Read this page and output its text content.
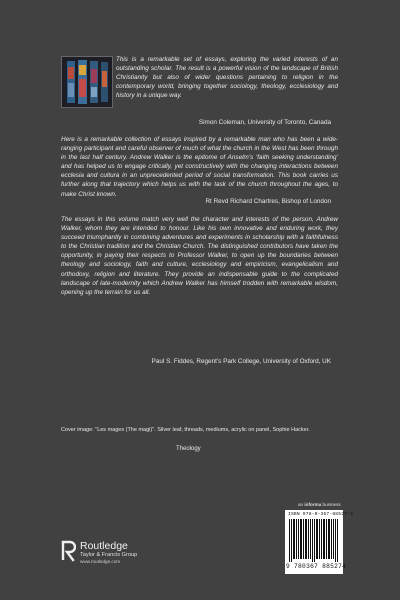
This is a remarkable set of essays, exploring the varied interests of an outstanding scholar. The result is a powerful vision of the landscape of British Christianity but also of wider questions pertaining to religion in the contemporary world, bringing together sociology, theology, ecclesiology and history in a unique way.

Simon Coleman, University of Toronto, Canada

Here is a remarkable collection of essays inspired by a remarkable man who has been a wide-ranging participant and careful observer of much of what the church in the West has been through in the last half century. Andrew Walker is the epitome of Anselm’s ‘faith seeking understanding’ and has helped us to engage critically, yet constructively with the changing interactions between ecclesia and cultura in an unprecedented period of social transformation. This book carries us further along that trajectory which helps us with the task of the church throughout the ages, to make Christ known.

Rt Revd Richard Chartres, Bishop of London

The essays in this volume match very well the character and interests of the person, Andrew Walker, whom they are intended to honour. Like his own innovative and enduring work, they succeed triumphantly in combining adventures and experiments in scholarship with a faithfulness to the Christian tradition and the Christian Church. The distinguished contributors have taken the opportunity, in paying their respects to Professor Walker, to open up the boundaries between theology and sociology, faith and culture, ecclesiology and empiricism, evangelicalism and orthodoxy, religion and literature. They provide an indispensable guide to the complicated landscape of late-modernity which Andrew Walker has himself trodden with remarkable wisdom, opening up the terrain for us all.

Paul S. Fiddes, Regent’s Park College, University of Oxford, UK
Cover image: "Les mages (The magi)". Silver leaf, threads, mediums, acrylic on panel, Sophie Hacker.
Theology
an informa business
ISBN 978-0-367-88527-4
9 780367 885274
Routledge
Taylor & Francis Group
www.routledge.com
